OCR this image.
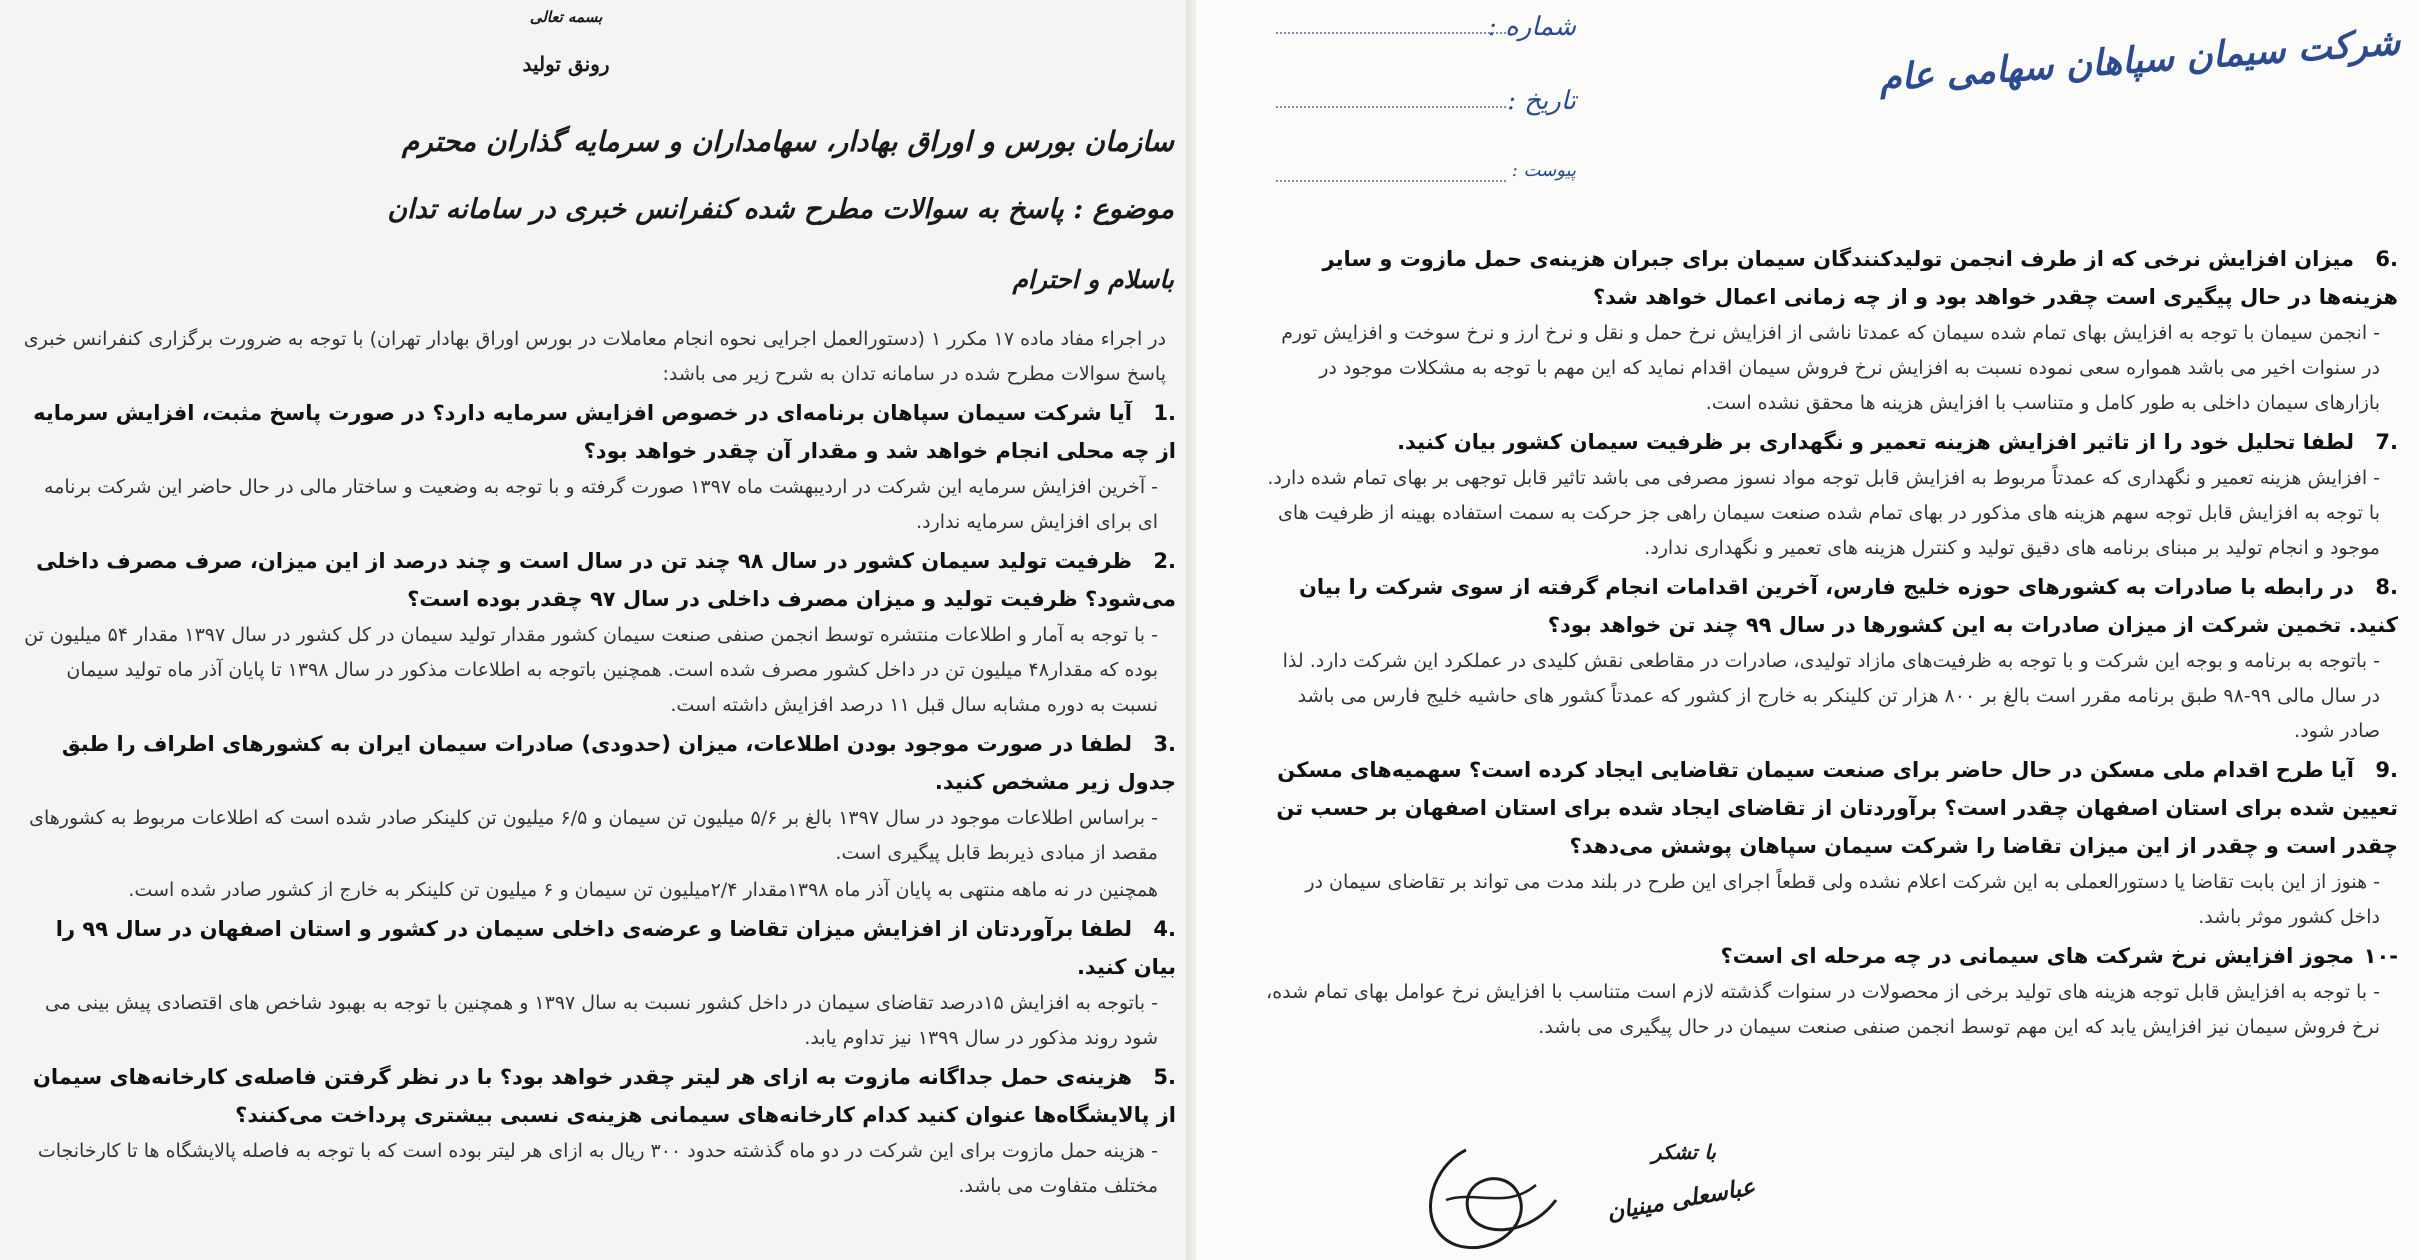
بسمه تعالی
رونق تولید
سازمان بورس و اوراق بهادار، سهامداران و سرمایه گذاران محترم
موضوع : پاسخ به سوالات مطرح شده کنفرانس خبری در سامانه تدان
باسلام و احترام

در اجراء مفاد ماده ۱۷ مکرر ۱ (دستورالعمل اجرایی نحوه انجام معاملات در بورس اوراق بهادار تهران) با توجه به ضرورت برگزاری کنفرانس خبری پاسخ سوالات مطرح شده در سامانه تدان به شرح زیر می باشد:

.1آیا شرکت سیمان سپاهان برنامه‌ای در خصوص افزایش سرمایه دارد؟ در صورت پاسخ مثبت، افزایش سرمایه از چه محلی انجام خواهد شد و مقدار آن چقدر خواهد بود؟

- آخرین افزایش سرمایه این شرکت در اردیبهشت ماه ۱۳۹۷ صورت گرفته و با توجه به وضعیت و ساختار مالی در حال حاضر این شرکت برنامه ای برای افزایش سرمایه ندارد.

.2ظرفیت تولید سیمان کشور در سال ۹۸ چند تن در سال است و چند درصد از این میزان، صرف مصرف داخلی می‌شود؟ ظرفیت تولید و میزان مصرف داخلی در سال ۹۷ چقدر بوده است؟

- با توجه به آمار و اطلاعات منتشره توسط انجمن صنفی صنعت سیمان کشور مقدار تولید سیمان در کل کشور در سال ۱۳۹۷ مقدار ۵۴ میلیون تن بوده که مقدار۴۸ میلیون تن در داخل کشور مصرف شده است. همچنین باتوجه به اطلاعات مذکور در سال ۱۳۹۸ تا پایان آذر ماه تولید سیمان نسبت به دوره مشابه سال قبل ۱۱ درصد افزایش داشته است.

.3لطفا در صورت موجود بودن اطلاعات، میزان (حدودی) صادرات سیمان ایران به کشورهای اطراف را طبق جدول زیر مشخص کنید.

- براساس اطلاعات موجود در سال ۱۳۹۷ بالغ بر ۵/۶ میلیون تن سیمان و ۶/۵ میلیون تن کلینکر صادر شده است که اطلاعات مربوط به کشورهای مقصد از مبادی ذیربط قابل پیگیری است.

همچنین در نه ماهه منتهی به پایان آذر ماه ۱۳۹۸مقدار ۲/۴میلیون تن سیمان و ۶ میلیون تن کلینکر به خارج از کشور صادر شده است.

.4لطفا برآوردتان از افزایش میزان تقاضا و عرضه‌ی داخلی سیمان در کشور و استان اصفهان در سال ۹۹ را بیان کنید.

- باتوجه به افزایش ۱۵درصد تقاضای سیمان در داخل کشور نسبت به سال ۱۳۹۷ و همچنین با توجه به بهبود شاخص های اقتصادی پیش بینی می شود روند مذکور در سال ۱۳۹۹ نیز تداوم یابد.

.5هزینه‌ی حمل جداگانه مازوت به ازای هر لیتر چقدر خواهد بود؟ با در نظر گرفتن فاصله‌ی کارخانه‌های سیمان از پالایشگاه‌ها عنوان کنید کدام کارخانه‌های سیمانی هزینه‌ی نسبی بیشتری پرداخت می‌کنند؟

- هزینه حمل مازوت برای این شرکت در دو ماه گذشته حدود ۳۰۰ ریال به ازای هر لیتر بوده است که با توجه به فاصله پالایشگاه ها تا کارخانجات مختلف متفاوت می باشد.

شرکت سیمان سپاهان سهامی عام
شماره :
تاریخ :
پیوست :

.6میزان افزایش نرخی که از طرف انجمن تولیدکنندگان سیمان برای جبران هزینه‌ی حمل مازوت و سایر هزینه‌ها در حال پیگیری است چقدر خواهد بود و از چه زمانی اعمال خواهد شد؟

- انجمن سیمان با توجه به افزایش بهای تمام شده سیمان که عمدتا ناشی از افزایش نرخ حمل و نقل و نرخ ارز و نرخ سوخت و افزایش تورم در سنوات اخیر می باشد همواره سعی نموده نسبت به افزایش نرخ فروش سیمان اقدام نماید که این مهم با توجه به مشکلات موجود در بازارهای سیمان داخلی به طور کامل و متناسب با افزایش هزینه ها محقق نشده است.

.7لطفا تحلیل خود را از تاثیر افزایش هزینه تعمیر و نگهداری بر ظرفیت سیمان کشور بیان کنید.

- افزایش هزینه تعمیر و نگهداری که عمدتاً مربوط به افزایش قابل توجه مواد نسوز مصرفی می باشد تاثیر قابل توجهی بر بهای تمام شده دارد. با توجه به افزایش قابل توجه سهم هزینه های مذکور در بهای تمام شده صنعت سیمان راهی جز حرکت به سمت استفاده بهینه از ظرفیت های موجود و انجام تولید بر مبنای برنامه های دقیق تولید و کنترل هزینه های تعمیر و نگهداری ندارد.

.8در رابطه با صادرات به کشورهای حوزه خلیج فارس، آخرین اقدامات انجام گرفته از سوی شرکت را بیان کنید. تخمین شرکت از میزان صادرات به این کشورها در سال ۹۹ چند تن خواهد بود؟

- باتوجه به برنامه و بوجه این شرکت و با توجه به ظرفیت‌های مازاد تولیدی، صادرات در مقاطعی نقش کلیدی در عملکرد این شرکت دارد. لذا در سال مالی ۹۹-۹۸ طبق برنامه مقرر است بالغ بر ۸۰۰ هزار تن کلینکر به خارج از کشور که عمدتاً کشور های حاشیه خلیج فارس می باشد صادر شود.

.9آیا طرح اقدام ملی مسکن در حال حاضر برای صنعت سیمان تقاضایی ایجاد کرده است؟ سهمیه‌های مسکن تعیین شده برای استان اصفهان چقدر است؟ برآوردتان از تقاضای ایجاد شده برای استان اصفهان بر حسب تن چقدر است و چقدر از این میزان تقاضا را شرکت سیمان سپاهان پوشش می‌دهد؟

- هنوز از این بابت تقاضا یا دستورالعملی به این شرکت اعلام نشده ولی قطعاً اجرای این طرح در بلند مدت می تواند بر تقاضای سیمان در داخل کشور موثر باشد.

-۱۰مجوز افزایش نرخ شرکت های سیمانی در چه مرحله ای است؟

- با توجه به افزایش قابل توجه هزینه های تولید برخی از محصولات در سنوات گذشته لازم است متناسب با افزایش نرخ عوامل بهای تمام شده، نرخ فروش سیمان نیز افزایش یابد که این مهم توسط انجمن صنفی صنعت سیمان در حال پیگیری می باشد.

با تشکر
عباسعلی مینیان
